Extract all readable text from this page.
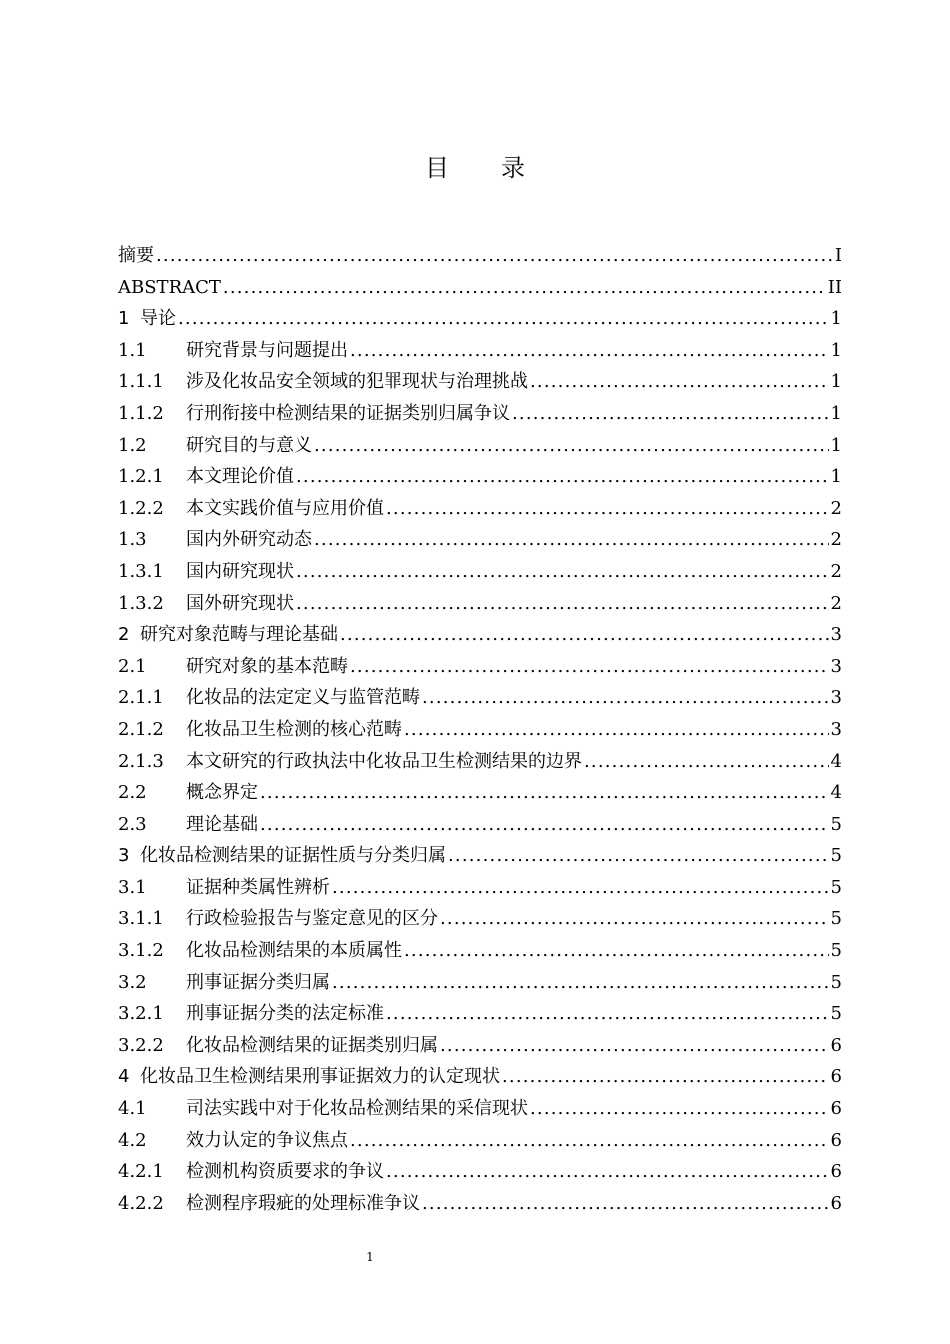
目 录
摘要 .....	I
ABSTRACT .....	II
1 导论 .....	1
1.1	研究背景与问题提出 .....	1
1.1.1	涉及化妆品安全领域的犯罪现状与治理挑战 .....	1
1.1.2	行刑衔接中检测结果的证据类别归属争议 .....	1
1.2	研究目的与意义 .....	1
1.2.1	本文理论价值 .....	1
1.2.2	本文实践价值与应用价值 .....	2
1.3	国内外研究动态 .....	2
1.3.1	国内研究现状 .....	2
1.3.2	国外研究现状 .....	2
2 研究对象范畴与理论基础 .....	3
2.1	研究对象的基本范畴 .....	3
2.1.1	化妆品的法定定义与监管范畴 .....	3
2.1.2	化妆品卫生检测的核心范畴 .....	3
2.1.3	本文研究的行政执法中化妆品卫生检测结果的边界 .....	4
2.2	概念界定 .....	4
2.3	理论基础 .....	5
3 化妆品检测结果的证据性质与分类归属 .....	5
3.1	证据种类属性辨析 .....	5
3.1.1	行政检验报告与鉴定意见的区分 .....	5
3.1.2	化妆品检测结果的本质属性 .....	5
3.2	刑事证据分类归属 .....	5
3.2.1	刑事证据分类的法定标准 .....	5
3.2.2	化妆品检测结果的证据类别归属 .....	6
4 化妆品卫生检测结果刑事证据效力的认定现状 .....	6
4.1	司法实践中对于化妆品检测结果的采信现状 .....	6
4.2	效力认定的争议焦点 .....	6
4.2.1	检测机构资质要求的争议 .....	6
4.2.2	检测程序瑕疵的处理标准争议 .....	6
1
